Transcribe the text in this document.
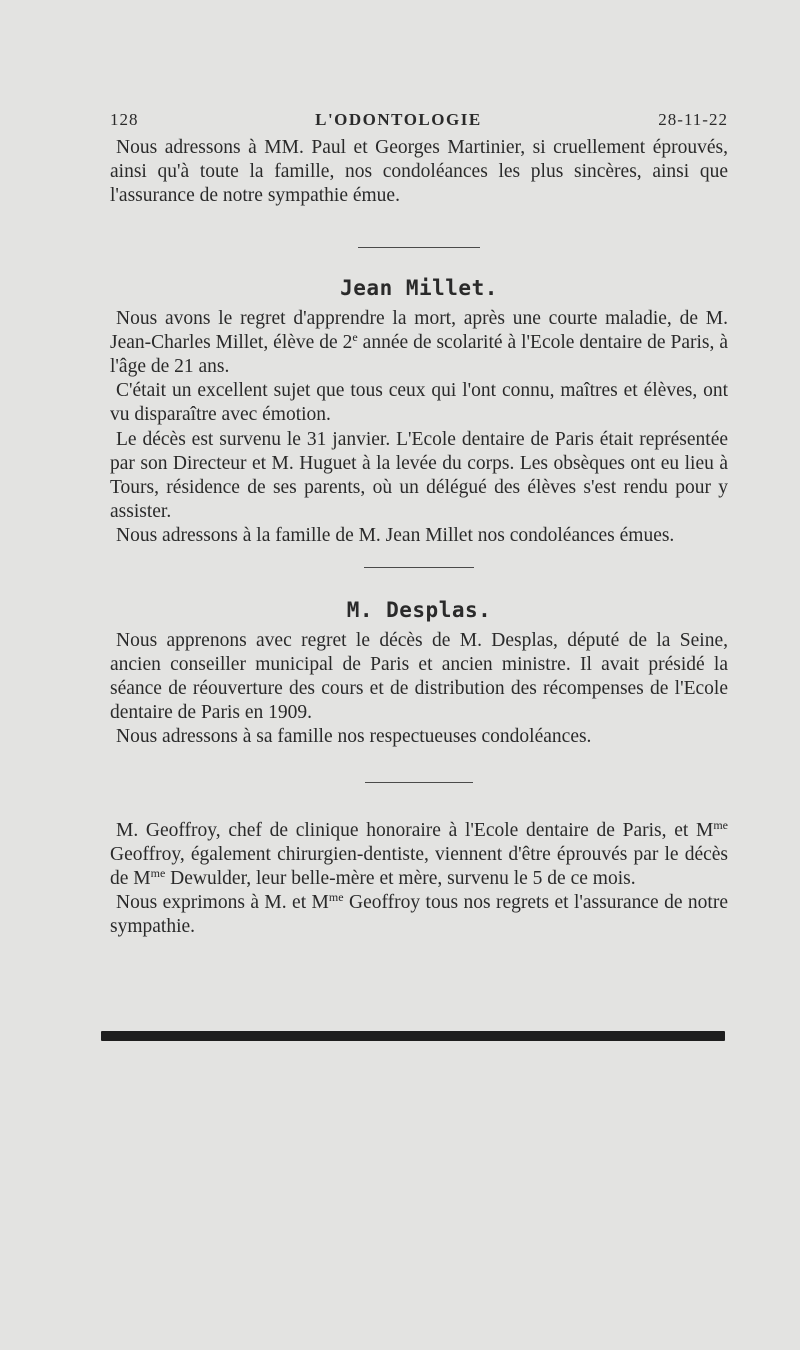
128	L'ODONTOLOGIE	28-11-22

Nous adressons à MM. Paul et Georges Martinier, si cruellement éprouvés, ainsi qu'à toute la famille, nos condoléances les plus sincères, ainsi que l'assurance de notre sympathie émue.

Jean Millet.

Nous avons le regret d'apprendre la mort, après une courte maladie, de M. Jean-Charles Millet, élève de 2e année de scolarité à l'Ecole dentaire de Paris, à l'âge de 21 ans.

C'était un excellent sujet que tous ceux qui l'ont connu, maîtres et élèves, ont vu disparaître avec émotion.

Le décès est survenu le 31 janvier. L'Ecole dentaire de Paris était représentée par son Directeur et M. Huguet à la levée du corps. Les obsèques ont eu lieu à Tours, résidence de ses parents, où un délégué des élèves s'est rendu pour y assister.

Nous adressons à la famille de M. Jean Millet nos condoléances émues.

M. Desplas.

Nous apprenons avec regret le décès de M. Desplas, député de la Seine, ancien conseiller municipal de Paris et ancien ministre. Il avait présidé la séance de réouverture des cours et de distribution des récompenses de l'Ecole dentaire de Paris en 1909.

Nous adressons à sa famille nos respectueuses condoléances.

M. Geoffroy, chef de clinique honoraire à l'Ecole dentaire de Paris, et $M^{me}$ Geoffroy, également chirurgien-dentiste, viennent d'être éprouvés par le décès de $M^{me}$ Dewulder, leur belle-mère et mère, survenu le 5 de ce mois.

Nous exprimons à M. et $M^{me}$ Geoffroy tous nos regrets et l'assurance de notre sympathie.
